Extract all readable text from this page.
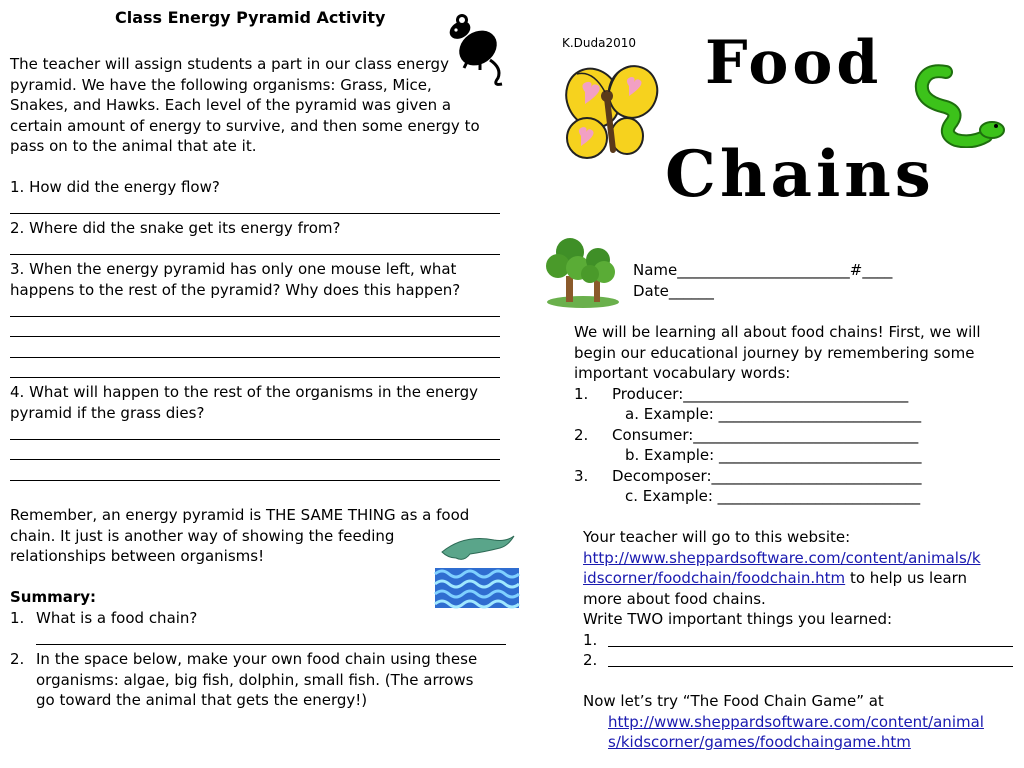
Class Energy Pyramid Activity
The teacher will assign students a part in our class energy
pyramid. We have the following organisms: Grass, Mice,
Snakes, and Hawks. Each level of the pyramid was given a
certain amount of energy to survive, and then some energy to
pass on to the animal that ate it.
1. How did the energy flow?
2. Where did the snake get its energy from?
3. When the energy pyramid has only one mouse left, what
happens to the rest of the pyramid? Why does this happen?
4. What will happen to the rest of the organisms in the energy
pyramid if the grass dies?
Remember, an energy pyramid is THE SAME THING as a food
chain. It just is another way of showing the feeding
relationships between organisms!
Summary:
1. What is a food chain?
2. In the space below, make your own food chain using these
organisms: algae, big fish, dolphin, small fish. (The arrows
go toward the animal that gets the energy!)
K.Duda2010 Food
Chains
Name_______________________#____
Date______
We will be learning all about food chains! First, we will
begin our educational journey by remembering some
important vocabulary words:
1. Producer:______________________________
a. Example: ___________________________
2. Consumer:______________________________
b. Example: ___________________________
3. Decomposer:____________________________
c. Example: ___________________________
Your teacher will go to this website:
http://www.sheppardsoftware.com/content/animals/k
idscorner/foodchain/foodchain.htm to help us learn
more about food chains.
Write TWO important things you learned:
1.
2.
Now let’s try “The Food Chain Game” at
http://www.sheppardsoftware.com/content/animal
s/kidscorner/games/foodchaingame.htm
